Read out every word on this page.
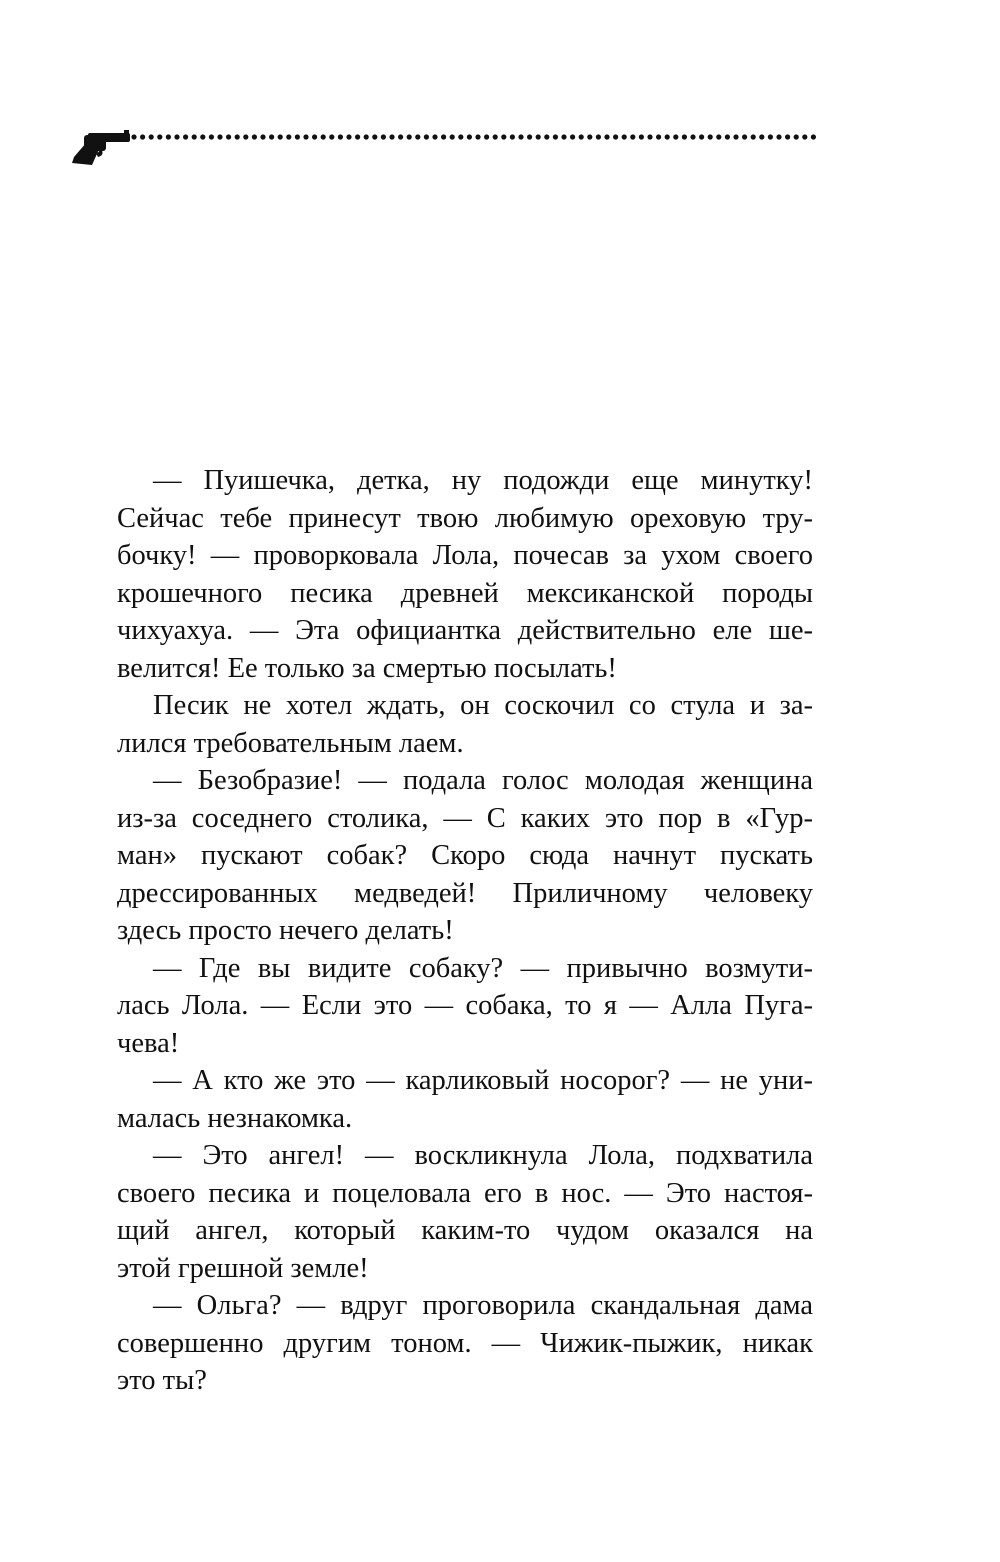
— Пуишечка, детка, ну подожди еще минутку!
Сейчас тебе принесут твою любимую ореховую тру-
бочку! — проворковала Лола, почесав за ухом своего
крошечного песика древней мексиканской породы
чихуахуа. — Эта официантка действительно еле ше-
велится! Ее только за смертью посылать!
Песик не хотел ждать, он соскочил со стула и за-
лился требовательным лаем.
— Безобразие! — подала голос молодая женщина
из-за соседнего столика, — С каких это пор в «Гур-
ман» пускают собак? Скоро сюда начнут пускать
дрессированных медведей! Приличному человеку
здесь просто нечего делать!
— Где вы видите собаку? — привычно возмути-
лась Лола. — Если это — собака, то я — Алла Пуга-
чева!
— А кто же это — карликовый носорог? — не уни-
малась незнакомка.
— Это ангел! — воскликнула Лола, подхватила
своего песика и поцеловала его в нос. — Это настоя-
щий ангел, который каким-то чудом оказался на
этой грешной земле!
— Ольга? — вдруг проговорила скандальная дама
совершенно другим тоном. — Чижик-пыжик, никак
это ты?
